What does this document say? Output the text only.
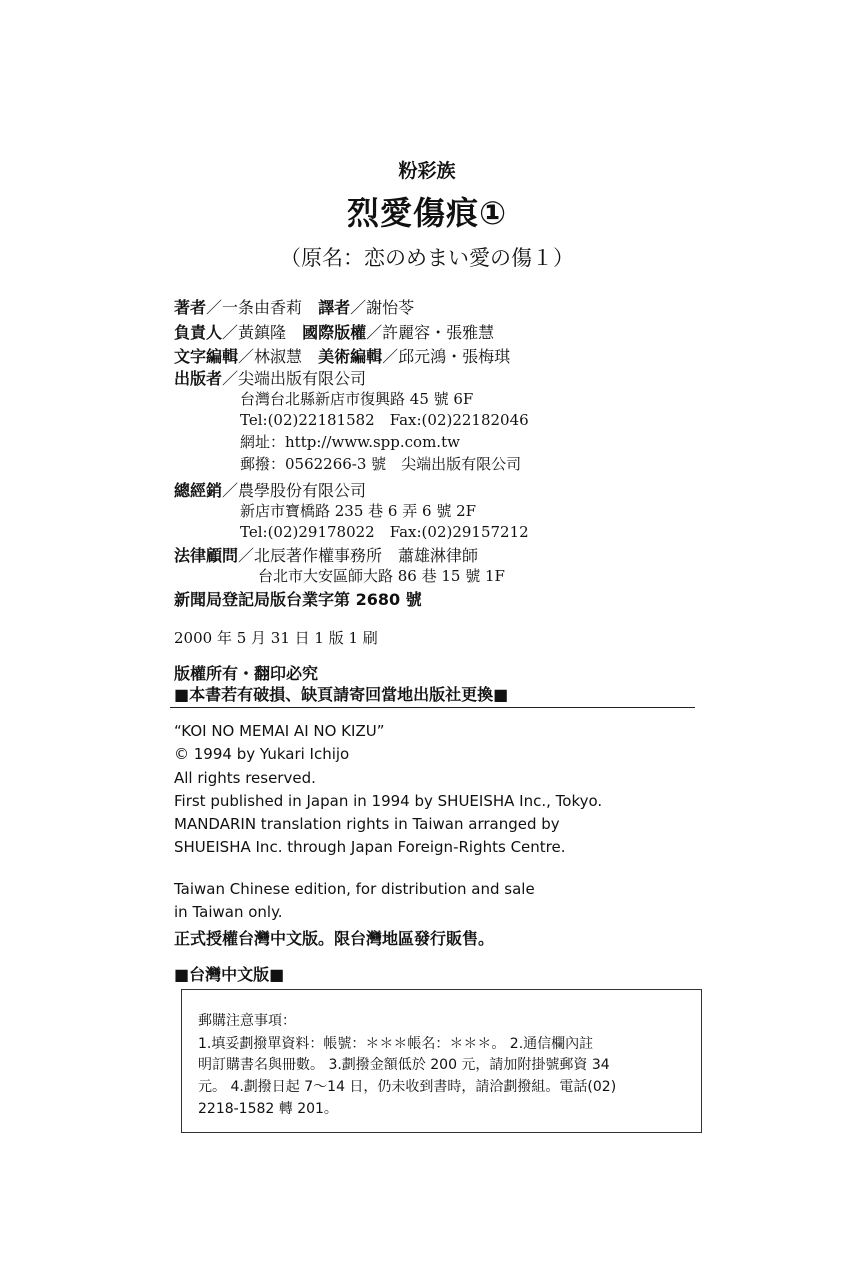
粉彩族
烈愛傷痕①
（原名：恋のめまい愛の傷１）
著者／一条由香莉　 譯者／謝怡苓
負責人／黃鎮隆　 國際版權／許麗容・張雅慧
文字編輯／林淑慧　 美術編輯／邱元鴻・張梅琪
出版者／尖端出版有限公司
台灣台北縣新店市復興路 45 號 6F
Tel:(02)22181582　Fax:(02)22182046
網址：http://www.spp.com.tw
郵撥：0562266-3 號　尖端出版有限公司
總經銷／農學股份有限公司
新店市寶橋路 235 巷 6 弄 6 號 2F
Tel:(02)29178022　Fax:(02)29157212
法律顧問／北辰著作權事務所　蕭雄淋律師
台北市大安區師大路 86 巷 15 號 1F
新聞局登記局版台業字第 2680 號
2000 年 5 月 31 日 1 版 1 刷
版權所有・翻印必究
■本書若有破損、缺頁請寄回當地出版社更換■
“KOI NO MEMAI AI NO KIZU”
© 1994 by Yukari Ichijo
All rights reserved.
First published in Japan in 1994 by SHUEISHA Inc., Tokyo.
MANDARIN translation rights in Taiwan arranged by
SHUEISHA Inc. through Japan Foreign-Rights Centre.
Taiwan Chinese edition, for distribution and sale
in Taiwan only.
正式授權台灣中文版。限台灣地區發行販售。
■台灣中文版■
郵購注意事項：
1.填妥劃撥單資料：帳號：＊＊＊帳名：＊＊＊。 2.通信欄內註
明訂購書名與冊數。 3.劃撥金額低於 200 元，請加附掛號郵資 34
元。 4.劃撥日起 7～14 日，仍未收到書時，請洽劃撥組。電話(02)
2218-1582 轉 201。
